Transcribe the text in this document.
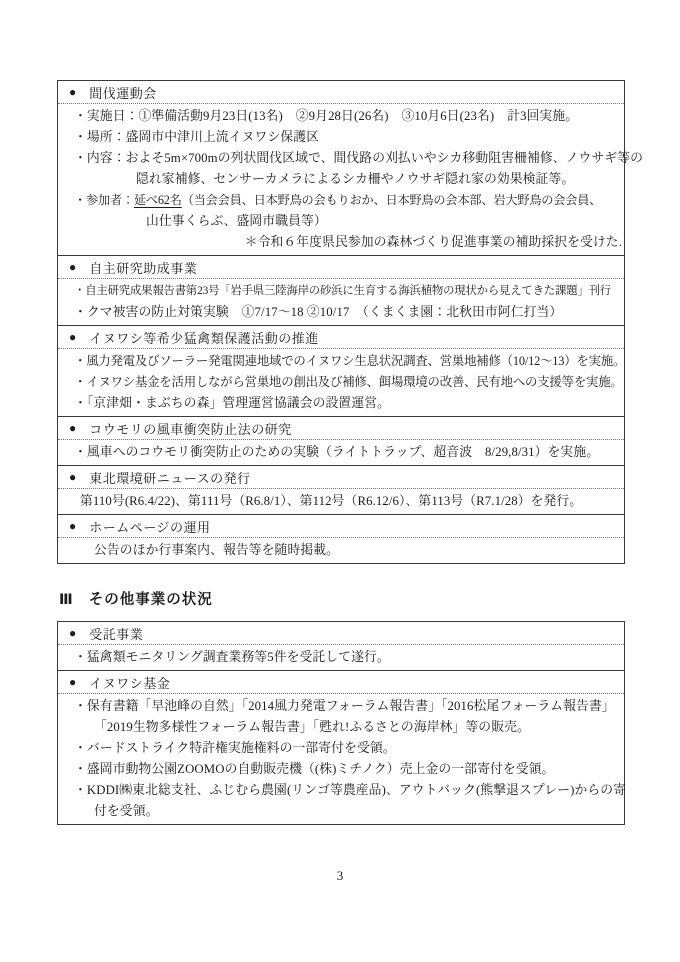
● 間伐運動会
・実施日：①準備活動9月23日(13名)　②9月28日(26名)　③10月6日(23名)　計3回実施。
・場所：盛岡市中津川上流イヌワシ保護区
・内容：およそ5m×700mの列状間伐区域で、間伐路の刈払いやシカ移動阻害柵補修、ノウサギ等の
隠れ家補修、センサーカメラによるシカ柵やノウサギ隠れ家の効果検証等。
・参加者：延べ62名（当会会員、日本野鳥の会もりおか、日本野鳥の会本部、岩大野鳥の会会員、
山仕事くらぶ、盛岡市職員等）
＊令和６年度県民参加の森林づくり促進事業の補助採択を受けた.
● 自主研究助成事業
・自主研究成果報告書第23号「岩手県三陸海岸の砂浜に生育する海浜植物の現状から見えてきた課題」刊行
・クマ被害の防止対策実験　①7/17～18 ②10/17　（くまくま園：北秋田市阿仁打当）
● イヌワシ等希少猛禽類保護活動の推進
・風力発電及びソーラー発電関連地域でのイヌワシ生息状況調査、営巣地補修（10/12～13）を実施。
・イヌワシ基金を活用しながら営巣地の創出及び補修、餌場環境の改善、民有地への支援等を実施。
・「京津畑・まぶちの森」管理運営協議会の設置運営。
● コウモリの風車衝突防止法の研究
・風車へのコウモリ衝突防止のための実験（ライトトラップ、超音波　8/29,8/31）を実施。
● 東北環境研ニュースの発行
第110号(R6.4/22)、第111号（R6.8/1）、第112号（R6.12/6）、第113号（R7.1/28）を発行。
● ホームページの運用
公告のほか行事案内、報告等を随時掲載。
Ⅲ その他事業の状況
● 受託事業
・猛禽類モニタリング調査業務等5件を受託して遂行。
● イヌワシ基金
・保有書籍「早池峰の自然」「2014風力発電フォーラム報告書」「2016松尾フォーラム報告書」
「2019生物多様性フォーラム報告書」「甦れ!ふるさとの海岸林」等の販売。
・バードストライク特許権実施権料の一部寄付を受領。
・盛岡市動物公園ZOOMOの自動販売機（(株)ミチノク）売上金の一部寄付を受領。
・KDDI㈱東北総支社、ふじむら農園(リンゴ等農産品)、アウトバック(熊撃退スプレー)からの寄
付を受領。
3
